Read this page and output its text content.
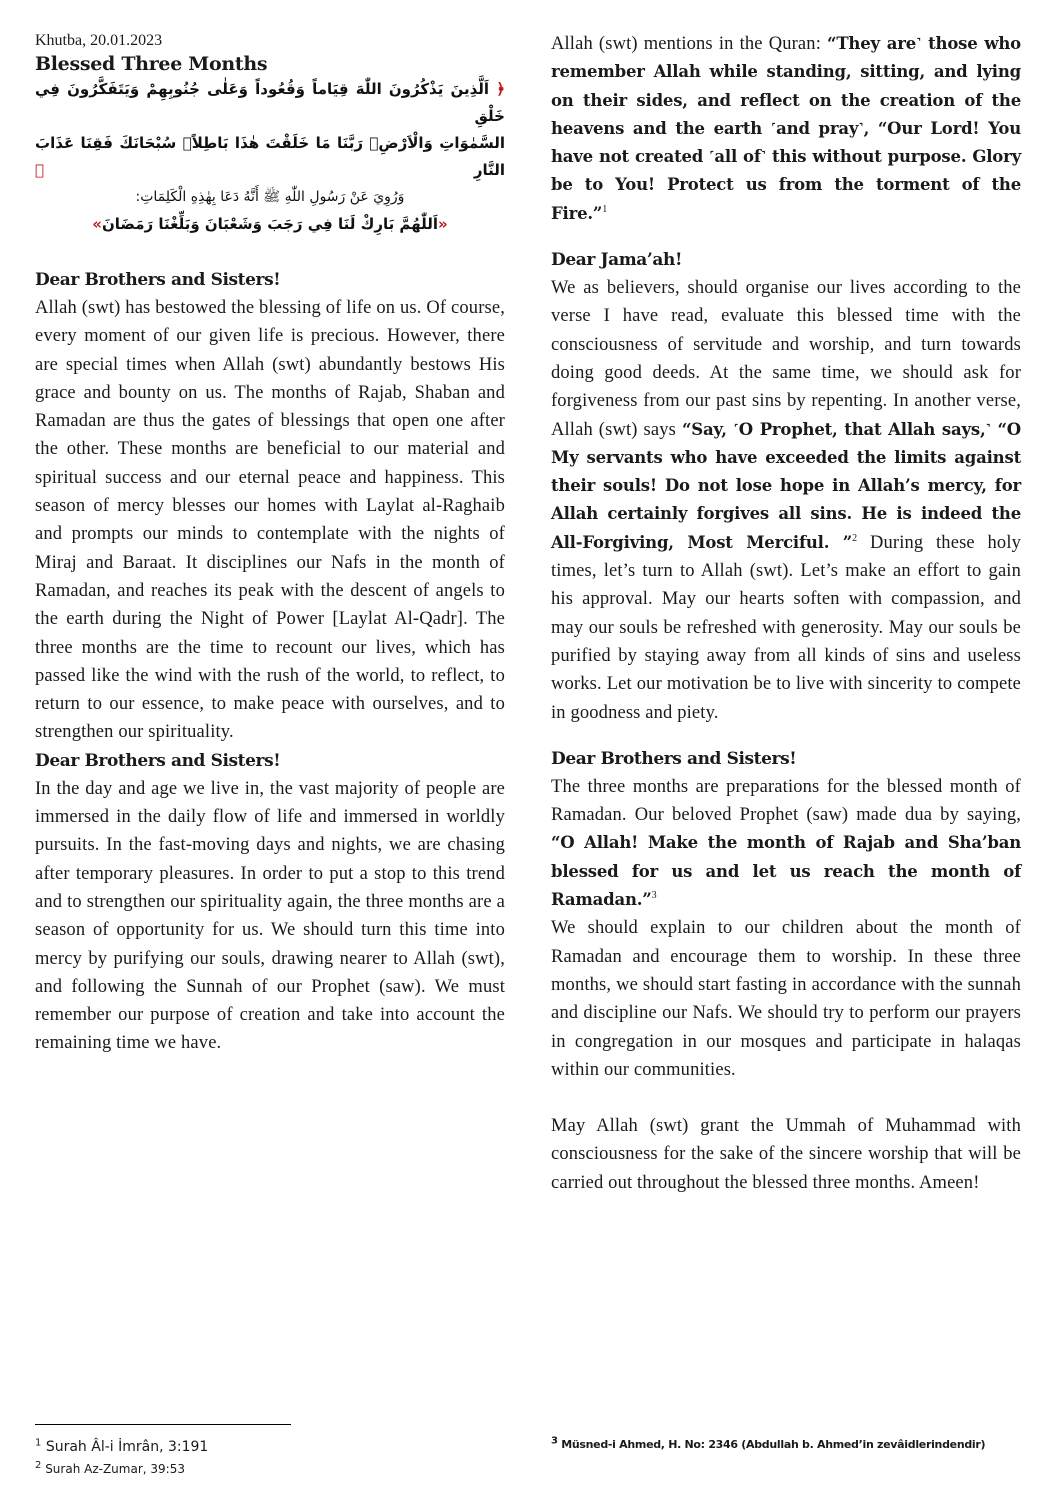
Khutba, 20.01.2023

Blessed Three Months

﴿ اَلَّذِينَ يَذْكُرُونَ اللّٰهَ قِيَاماً وَقُعُوداً وَعَلٰى جُنُوبِهِمْ وَيَتَفَكَّرُونَ فِي خَلْقِ
السَّمٰوَاتِ وَالْاَرْضِۚ رَبَّنَا مَا خَلَقْتَ هٰذَا بَاطِلاًۚ سُبْحَانَكَ فَقِنَا عَذَابَ النَّارِ ﴾
وَرُوِيَ عَنْ رَسُولِ اللّٰهِ ﷺ أَنَّهُ دَعَا بِهٰذِهِ الْكَلِمَاتِ:
«اَللّٰهُمَّ بَارِكْ لَنَا فِي رَجَبَ وَشَعْبَانَ وَبَلِّغْنَا رَمَضَانَ»

Dear Brothers and Sisters!

Allah (swt) has bestowed the blessing of life on us. Of course, every moment of our given life is precious. However, there are special times when Allah (swt) abundantly bestows His grace and bounty on us. The months of Rajab, Shaban and Ramadan are thus the gates of blessings that open one after the other. These months are beneficial to our material and spiritual success and our eternal peace and happiness. This season of mercy blesses our homes with Laylat al-Raghaib and prompts our minds to contemplate with the nights of Miraj and Baraat. It disciplines our Nafs in the month of Ramadan, and reaches its peak with the descent of angels to the earth during the Night of Power [Laylat Al-Qadr]. The three months are the time to recount our lives, which has passed like the wind with the rush of the world, to reflect, to return to our essence, to make peace with ourselves, and to strengthen our spirituality.

Dear Brothers and Sisters!

In the day and age we live in, the vast majority of people are immersed in the daily flow of life and immersed in worldly pursuits. In the fast-moving days and nights, we are chasing after temporary pleasures. In order to put a stop to this trend and to strengthen our spirituality again, the three months are a season of opportunity for us. We should turn this time into mercy by purifying our souls, drawing nearer to Allah (swt), and following the Sunnah of our Prophet (saw). We must remember our purpose of creation and take into account the remaining time we have.

Allah (swt) mentions in the Quran: “They are˺ those who remember Allah while standing, sitting, and lying on their sides, and reflect on the creation of the heavens and the earth ˹and pray˺, “Our Lord! You have not created ˹all of˺ this without purpose. Glory be to You! Protect us from the torment of the Fire.”$^1$

Dear Jama’ah!

We as believers, should organise our lives according to the verse I have read, evaluate this blessed time with the consciousness of servitude and worship, and turn towards doing good deeds. At the same time, we should ask for forgiveness from our past sins by repenting. In another verse, Allah (swt) says “Say, ˹O Prophet, that Allah says,˺ “O My servants who have exceeded the limits against their souls! Do not lose hope in Allah’s mercy, for Allah certainly forgives all sins. He is indeed the All-Forgiving, Most Merciful. ”$^2$ During these holy times, let’s turn to Allah (swt). Let’s make an effort to gain his approval. May our hearts soften with compassion, and may our souls be refreshed with generosity. May our souls be purified by staying away from all kinds of sins and useless works. Let our motivation be to live with sincerity to compete in goodness and piety.

Dear Brothers and Sisters!

The three months are preparations for the blessed month of Ramadan. Our beloved Prophet (saw) made dua by saying, “O Allah! Make the month of Rajab and Sha’ban blessed for us and let us reach the month of Ramadan.”$^3$

We should explain to our children about the month of Ramadan and encourage them to worship. In these three months, we should start fasting in accordance with the sunnah and discipline our Nafs. We should try to perform our prayers in congregation in our mosques and participate in halaqas within our communities.

May Allah (swt) grant the Ummah of Muhammad with consciousness for the sake of the sincere worship that will be carried out throughout the blessed three months. Ameen!

$^1$ Surah Âl-i İmrân, 3:191
$^2$ Surah Az-Zumar, 39:53
$^3$ Müsned-i Ahmed, H. No: 2346 (Abdullah b. Ahmed’in zevâidlerindendir)
